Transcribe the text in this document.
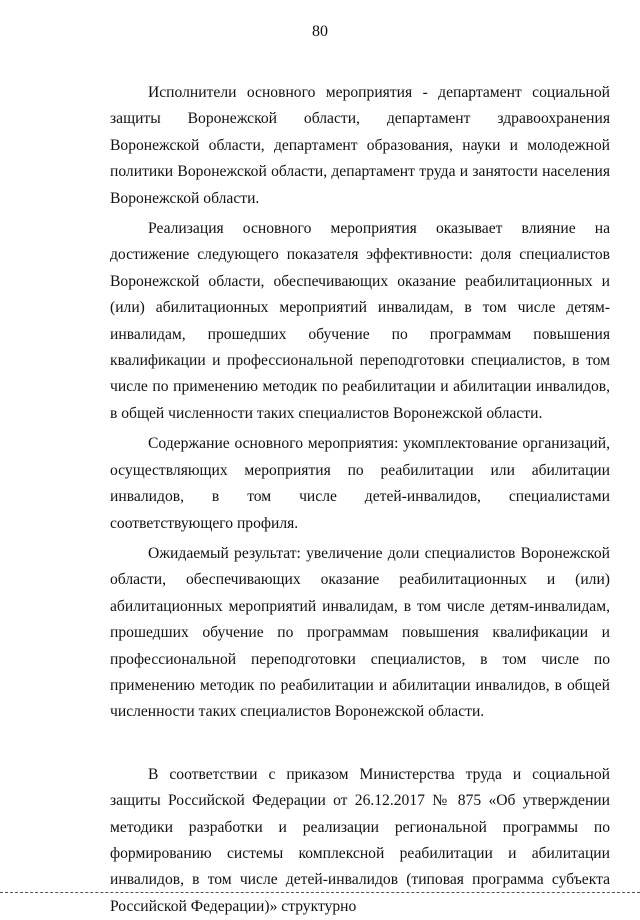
80

Исполнители основного мероприятия - департамент социальной защиты Воронежской области, департамент здравоохранения Воронежской области, департамент образования, науки и молодежной политики Воронежской области, департамент труда и занятости населения Воронежской области.

Реализация основного мероприятия оказывает влияние на достижение следующего показателя эффективности: доля специалистов Воронежской области, обеспечивающих оказание реабилитационных и (или) абилитационных мероприятий инвалидам, в том числе детям-инвалидам, прошедших обучение по программам повышения квалификации и профессиональной переподготовки специалистов, в том числе по применению методик по реабилитации и абилитации инвалидов, в общей численности таких специалистов Воронежской области.

Содержание основного мероприятия: укомплектование организаций, осуществляющих мероприятия по реабилитации или абилитации инвалидов, в том числе детей-инвалидов, специалистами соответствующего профиля.

Ожидаемый результат: увеличение доли специалистов Воронежской области, обеспечивающих оказание реабилитационных и (или) абилитационных мероприятий инвалидам, в том числе детям-инвалидам, прошедших обучение по программам повышения квалификации и профессиональной переподготовки специалистов, в том числе по применению методик по реабилитации и абилитации инвалидов, в общей численности таких специалистов Воронежской области.

В соответствии с приказом Министерства труда и социальной защиты Российской Федерации от 26.12.2017 № 875 «Об утверждении методики разработки и реализации региональной программы по формированию системы комплексной реабилитации и абилитации инвалидов, в том числе детей-инвалидов (типовая программа субъекта Российской Федерации)» структурно
